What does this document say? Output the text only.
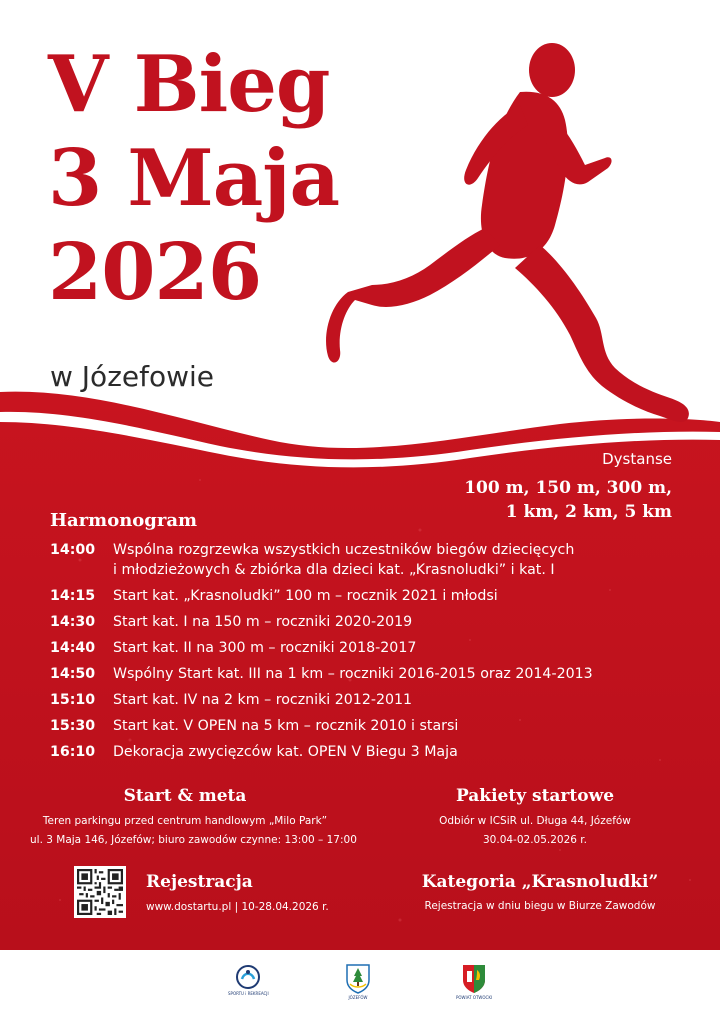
V Bieg
3 Maja
2026
w Józefowie
Dystanse
100 m, 150 m, 300 m,
1 km, 2 km, 5 km
Harmonogram
14:00	Wspólna rozgrzewka wszystkich uczestników biegów dziecięcych
i młodzieżowych & zbiórka dla dzieci kat. „Krasnoludki” i kat. I
14:15	Start kat. „Krasnoludki” 100 m – rocznik 2021 i młodsi
14:30	Start kat. I na 150 m – roczniki 2020-2019
14:40	Start kat. II na 300 m – roczniki 2018-2017
14:50	Wspólny Start kat. III na 1 km – roczniki 2016-2015 oraz 2014-2013
15:10	Start kat. IV na 2 km – roczniki 2012-2011
15:30	Start kat. V OPEN na 5 km – rocznik 2010 i starsi
16:10	Dekoracja zwycięzców kat. OPEN V Biegu 3 Maja
Start & meta
Teren parkingu przed centrum handlowym „Milo Park”
ul. 3 Maja 146, Józefów; biuro zawodów czynne: 13:00 – 17:00
Pakiety startowe
Odbiór w ICSiR ul. Długa 44, Józefów
30.04-02.05.2026 r.
Rejestracja
www.dostartu.pl | 10-28.04.2026 r.
Kategoria „Krasnoludki”
Rejestracja w dniu biegu w Biurze Zawodów
SPORTU i REKREACJI
JÓZEFÓW	POWIAT OTWOCKI
